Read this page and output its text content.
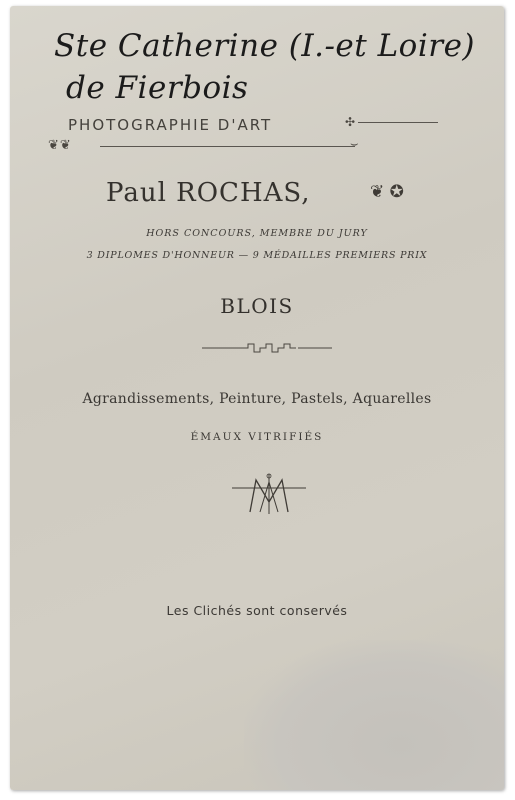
Ste Catherine (I.-et Loire)
de Fierbois
PHOTOGRAPHIE D'ART	✣
❦❦	⌣
Paul ROCHAS,	❦ ✪
HORS CONCOURS, MEMBRE DU JURY
3 DIPLOMES D'HONNEUR — 9 MÉDAILLES PREMIERS PRIX
BLOIS
Agrandissements, Peinture, Pastels, Aquarelles
ÉMAUX VITRIFIÉS
Les Clichés sont conservés
